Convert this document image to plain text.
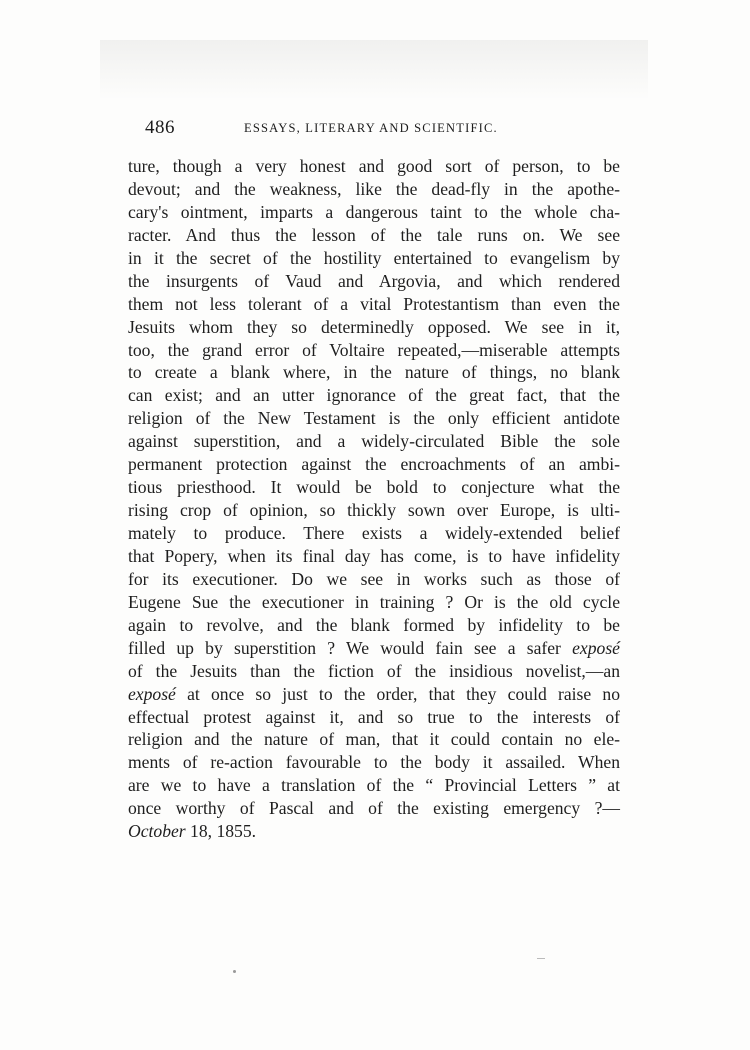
486	ESSAYS, LITERARY AND SCIENTIFIC.
ture, though a very honest and good sort of person, to be
devout; and the weakness, like the dead-fly in the apothe-
cary's ointment, imparts a dangerous taint to the whole cha-
racter. And thus the lesson of the tale runs on. We see
in it the secret of the hostility entertained to evangelism by
the insurgents of Vaud and Argovia, and which rendered
them not less tolerant of a vital Protestantism than even the
Jesuits whom they so determinedly opposed. We see in it,
too, the grand error of Voltaire repeated,—miserable attempts
to create a blank where, in the nature of things, no blank
can exist; and an utter ignorance of the great fact, that the
religion of the New Testament is the only efficient antidote
against superstition, and a widely-circulated Bible the sole
permanent protection against the encroachments of an ambi-
tious priesthood. It would be bold to conjecture what the
rising crop of opinion, so thickly sown over Europe, is ulti-
mately to produce. There exists a widely-extended belief
that Popery, when its final day has come, is to have infidelity
for its executioner. Do we see in works such as those of
Eugene Sue the executioner in training ? Or is the old cycle
again to revolve, and the blank formed by infidelity to be
filled up by superstition ? We would fain see a safer exposé
of the Jesuits than the fiction of the insidious novelist,—an
exposé at once so just to the order, that they could raise no
effectual protest against it, and so true to the interests of
religion and the nature of man, that it could contain no ele-
ments of re-action favourable to the body it assailed. When
are we to have a translation of the “ Provincial Letters ” at
once worthy of Pascal and of the existing emergency ?—
October 18, 1855.
